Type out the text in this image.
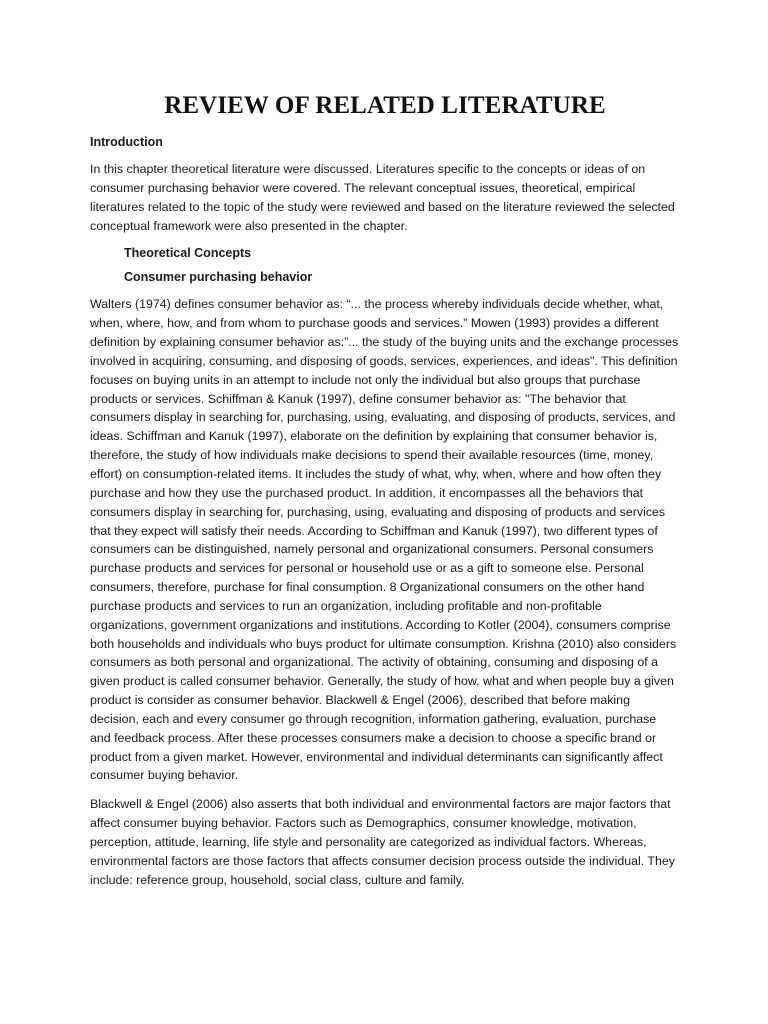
REVIEW OF RELATED LITERATURE
Introduction

In this chapter theoretical literature were discussed. Literatures specific to the concepts or ideas of on consumer purchasing behavior were covered. The relevant conceptual issues, theoretical, empirical literatures related to the topic of the study were reviewed and based on the literature reviewed the selected conceptual framework were also presented in the chapter.

Theoretical Concepts
Consumer purchasing behavior

Walters (1974) defines consumer behavior as: “... the process whereby individuals decide whether, what, when, where, how, and from whom to purchase goods and services.” Mowen (1993) provides a different definition by explaining consumer behavior as:”... the study of the buying units and the exchange processes involved in acquiring, consuming, and disposing of goods, services, experiences, and ideas". This definition focuses on buying units in an attempt to include not only the individual but also groups that purchase products or services. Schiffman & Kanuk (1997), define consumer behavior as: "The behavior that consumers display in searching for, purchasing, using, evaluating, and disposing of products, services, and ideas. Schiffman and Kanuk (1997), elaborate on the definition by explaining that consumer behavior is, therefore, the study of how individuals make decisions to spend their available resources (time, money, effort) on consumption-related items. It includes the study of what, why, when, where and how often they purchase and how they use the purchased product. In addition, it encompasses all the behaviors that consumers display in searching for, purchasing, using, evaluating and disposing of products and services that they expect will satisfy their needs. According to Schiffman and Kanuk (1997), two different types of consumers can be distinguished, namely personal and organizational consumers. Personal consumers purchase products and services for personal or household use or as a gift to someone else. Personal consumers, therefore, purchase for final consumption. 8 Organizational consumers on the other hand purchase products and services to run an organization, including profitable and non-profitable organizations, government organizations and institutions. According to Kotler (2004), consumers comprise both households and individuals who buys product for ultimate consumption. Krishna (2010) also considers consumers as both personal and organizational. The activity of obtaining, consuming and disposing of a given product is called consumer behavior. Generally, the study of how, what and when people buy a given product is consider as consumer behavior. Blackwell & Engel (2006), described that before making decision, each and every consumer go through recognition, information gathering, evaluation, purchase and feedback process. After these processes consumers make a decision to choose a specific brand or product from a given market. However, environmental and individual determinants can significantly affect consumer buying behavior.

Blackwell & Engel (2006) also asserts that both individual and environmental factors are major factors that affect consumer buying behavior. Factors such as Demographics, consumer knowledge, motivation, perception, attitude, learning, life style and personality are categorized as individual factors. Whereas, environmental factors are those factors that affects consumer decision process outside the individual. They include: reference group, household, social class, culture and family.
